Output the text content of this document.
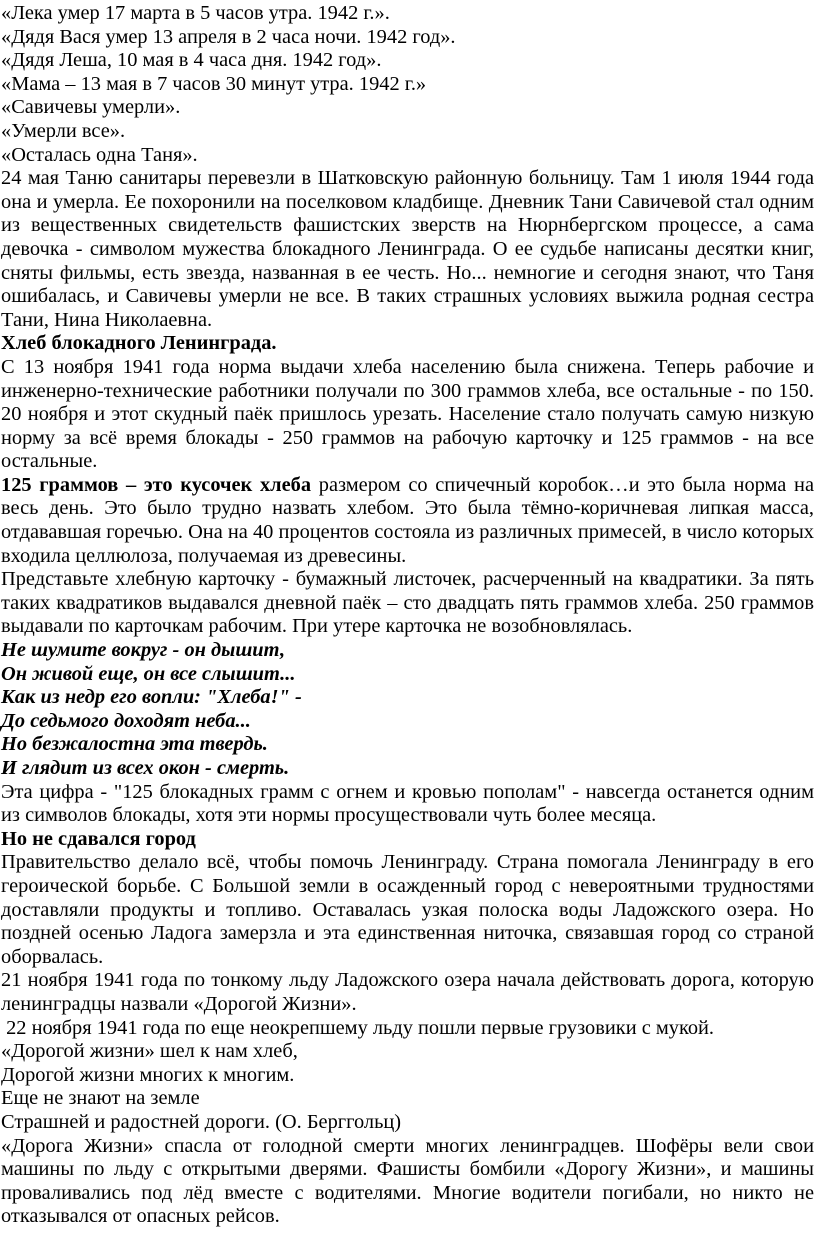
«Лека умер 17 марта в 5 часов утра. 1942 г.».

«Дядя Вася умер 13 апреля в 2 часа ночи. 1942 год».

«Дядя Леша, 10 мая в 4 часа дня. 1942 год».

«Мама – 13 мая в 7 часов 30 минут утра. 1942 г.»

«Савичевы умерли».

«Умерли все».

«Осталась одна Таня».

24 мая Таню санитары перевезли в Шатковскую районную больницу. Там 1 июля 1944 года она и умерла. Ее похоронили на поселковом кладбище. Дневник Тани Савичевой стал одним из вещественных свидетельств фашистских зверств на Нюрнбергском процессе, а сама девочка - символом мужества блокадного Ленинграда. О ее судьбе написаны десятки книг, сняты фильмы, есть звезда, названная в ее честь. Но... немногие и сегодня знают, что Таня ошибалась, и Савичевы умерли не все. В таких страшных условиях выжила родная сестра Тани, Нина Николаевна.

Хлеб блокадного Ленинграда.

С 13 ноября 1941 года норма выдачи хлеба населению была снижена. Теперь рабочие и инженерно-технические работники получали по 300 граммов хлеба, все остальные - по 150. 20 ноября и этот скудный паёк пришлось урезать. Население стало получать самую низкую норму за всё время блокады - 250 граммов на рабочую карточку и 125 граммов - на все остальные.

125 граммов – это кусочек хлеба размером со спичечный коробок…и это была норма на весь день. Это было трудно назвать хлебом. Это была тёмно-коричневая липкая масса, отдававшая горечью. Она на 40 процентов состояла из различных примесей, в число которых входила целлюлоза, получаемая из древесины.

Представьте хлебную карточку - бумажный листочек, расчерченный на квадратики. За пять таких квадратиков выдавался дневной паёк – сто двадцать пять граммов хлеба. 250 граммов выдавали по карточкам рабочим. При утере карточка не возобновлялась.

Не шумите вокруг - он дышит,

Он живой еще, он все слышит...

Как из недр его вопли: "Хлеба!" -

До седьмого доходят неба...

Но безжалостна эта твердь.

И глядит из всех окон - смерть.

Эта цифра - "125 блокадных грамм с огнем и кровью пополам" - навсегда останется одним из символов блокады, хотя эти нормы просуществовали чуть более месяца.

Но не сдавался город

Правительство делало всё, чтобы помочь Ленинграду. Страна помогала Ленинграду в его героической борьбе. С Большой земли в осажденный город с невероятными трудностями доставляли продукты и топливо. Оставалась узкая полоска воды Ладожского озера. Но поздней осенью Ладога замерзла и эта единственная ниточка, связавшая город со страной оборвалась.

21 ноября 1941 года по тонкому льду Ладожского озера начала действовать дорога, которую ленинградцы назвали «Дорогой Жизни».

22 ноября 1941 года по еще неокрепшему льду пошли первые грузовики с мукой.

«Дорогой жизни» шел к нам хлеб,

Дорогой жизни многих к многим.

Еще не знают на земле

Страшней и радостней дороги. (О. Берггольц)

«Дорога Жизни» спасла от голодной смерти многих ленинградцев. Шофёры вели свои машины по льду с открытыми дверями. Фашисты бомбили «Дорогу Жизни», и машины проваливались под лёд вместе с водителями. Многие водители погибали, но никто не отказывался от опасных рейсов.
